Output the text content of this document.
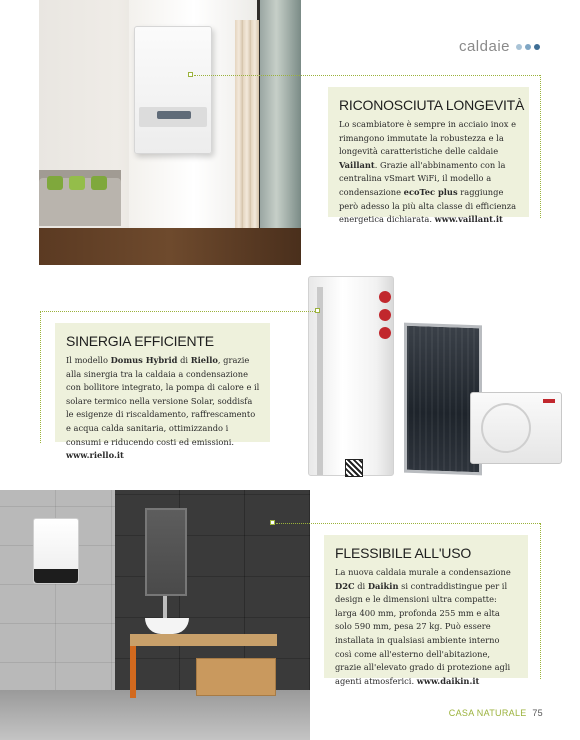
caldaie
RICONOSCIUTA LONGEVITÀ

Lo scambiatore è sempre in acciaio inox e rimangono immutate la robustezza e la longevità caratteristiche delle caldaie Vaillant. Grazie all'abbinamento con la centralina vSmart WiFi, il modello a condensazione ecoTec plus raggiunge però adesso la più alta classe di efficienza energetica dichiarata. www.vaillant.it

SINERGIA EFFICIENTE

Il modello Domus Hybrid di Riello, grazie alla sinergia tra la caldaia a condensazione con bollitore integrato, la pompa di calore e il solare termico nella versione Solar, soddisfa le esigenze di riscaldamento, raffrescamento e acqua calda sanitaria, ottimizzando i consumi e riducendo costi ed emissioni. www.riello.it

FLESSIBILE ALL'USO

La nuova caldaia murale a condensazione D2C di Daikin si contraddistingue per il design e le dimensioni ultra compatte: larga 400 mm, profonda 255 mm e alta solo 590 mm, pesa 27 kg. Può essere installata in qualsiasi ambiente interno così come all'esterno dell'abitazione, grazie all'elevato grado di protezione agli agenti atmosferici. www.daikin.it

CASA NATURALE 75
